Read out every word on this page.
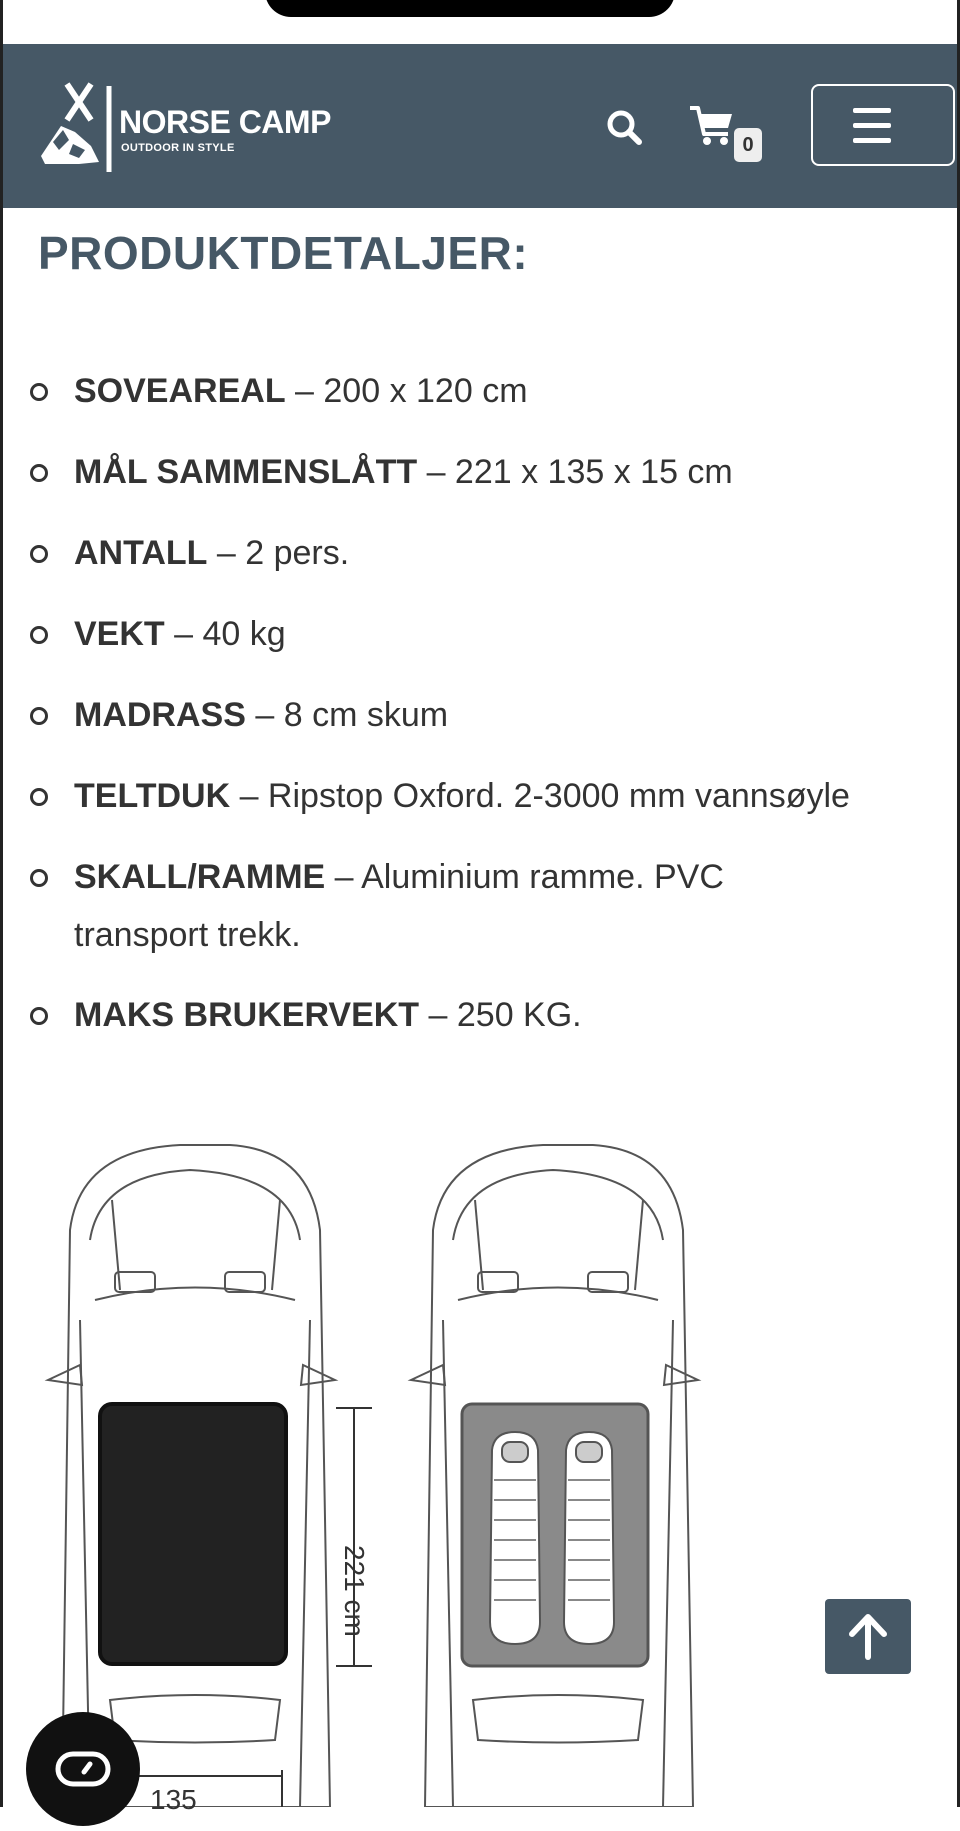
NORSE CAMP
OUTDOOR IN STYLE	0
PRODUKTDETALJER:
SOVEAREAL – 200 x 120 cm
MÅL SAMMENSLÅTT – 221 x 135 x 15 cm
ANTALL – 2 pers.
VEKT – 40 kg
MADRASS – 8 cm skum
TELTDUK – Ripstop Oxford. 2-3000 mm vannsøyle
SKALL/RAMME – Aluminium ramme. PVC transport trekk.
MAKS BRUKERVEKT – 250 KG.
221 cm
135
